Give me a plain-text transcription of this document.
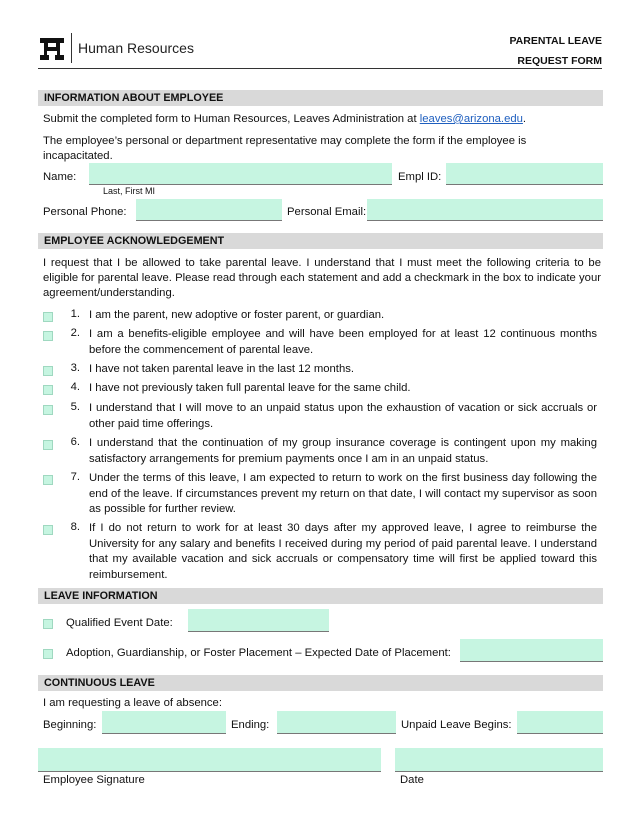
Human Resources	PARENTAL LEAVE
REQUEST FORM
INFORMATION ABOUT EMPLOYEE
Submit the completed form to Human Resources, Leaves Administration at leaves@arizona.edu.
The employee’s personal or department representative may complete the form if the employee is incapacitated.
Name:
Last, First MI
Empl ID:
Personal Phone:	Personal Email:
EMPLOYEE ACKNOWLEDGEMENT
I request that I be allowed to take parental leave. I understand that I must meet the following criteria to be eligible for parental leave. Please read through each statement and add a checkmark in the box to indicate your agreement/understanding.
1. I am the parent, new adoptive or foster parent, or guardian.
2. I am a benefits-eligible employee and will have been employed for at least 12 continuous months before the commencement of parental leave.
3. I have not taken parental leave in the last 12 months.
4. I have not previously taken full parental leave for the same child.
5. I understand that I will move to an unpaid status upon the exhaustion of vacation or sick accruals or other paid time offerings.
6. I understand that the continuation of my group insurance coverage is contingent upon my making satisfactory arrangements for premium payments once I am in an unpaid status.
7. Under the terms of this leave, I am expected to return to work on the first business day following the end of the leave. If circumstances prevent my return on that date, I will contact my supervisor as soon as possible for further review.
8. If I do not return to work for at least 30 days after my approved leave, I agree to reimburse the University for any salary and benefits I received during my period of paid parental leave. I understand that my available vacation and sick accruals or compensatory time will first be applied toward this reimbursement.
LEAVE INFORMATION
Qualified Event Date:
Adoption, Guardianship, or Foster Placement – Expected Date of Placement:
CONTINUOUS LEAVE
I am requesting a leave of absence:
Beginning:	Ending:	Unpaid Leave Begins:
Employee Signature	Date
